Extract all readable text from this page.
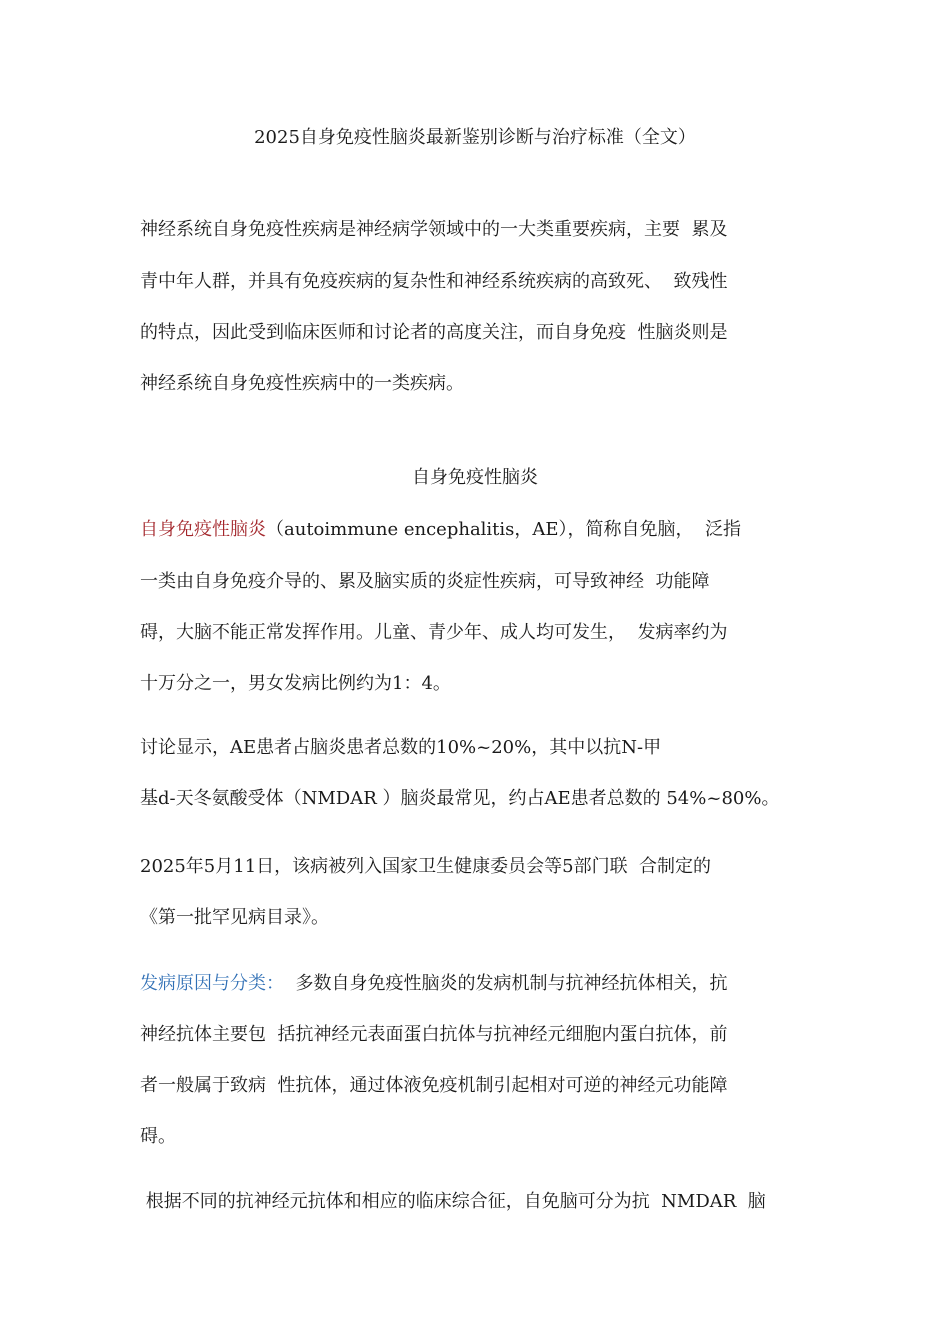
2025自身免疫性脑炎最新鉴别诊断与治疗标准（全文）

神经系统自身免疫性疾病是神经病学领域中的一大类重要疾病，主要  累及

青中年人群，并具有免疫疾病的复杂性和神经系统疾病的高致死、  致残性

的特点，因此受到临床医师和讨论者的高度关注，而自身免疫  性脑炎则是

神经系统自身免疫性疾病中的一类疾病。

自身免疫性脑炎

自身免疫性脑炎（autoimmune encephalitis，AE），简称自免脑，  泛指

一类由自身免疫介导的、累及脑实质的炎症性疾病，可导致神经  功能障

碍，大脑不能正常发挥作用。儿童、青少年、成人均可发生，  发病率约为

十万分之一，男女发病比例约为1：4。

讨论显示，AE患者占脑炎患者总数的10%~20%，其中以抗N-甲

基d-天冬氨酸受体（NMDAR ）脑炎最常见，约占AE患者总数的 54%~80%。

2025年5月11日，该病被列入国家卫生健康委员会等5部门联  合制定的

《第一批罕见病目录》。

发病原因与分类：  多数自身免疫性脑炎的发病机制与抗神经抗体相关，抗

神经抗体主要包  括抗神经元表面蛋白抗体与抗神经元细胞内蛋白抗体，前

者一般属于致病  性抗体，通过体液免疫机制引起相对可逆的神经元功能障

碍。

根据不同的抗神经元抗体和相应的临床综合征，自免脑可分为抗  NMDAR  脑
